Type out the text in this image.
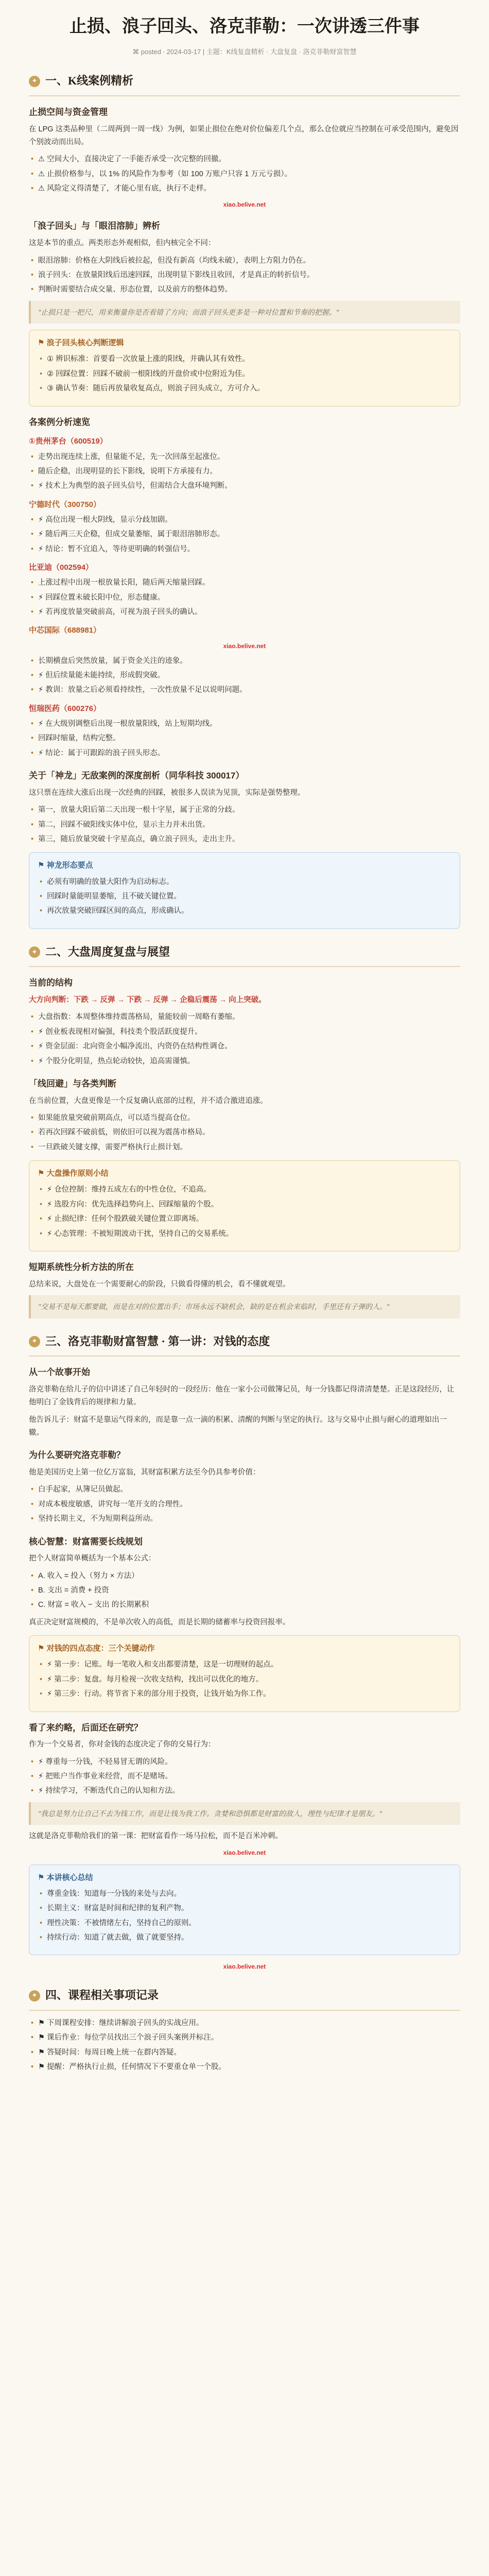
止损、浪子回头、洛克菲勒：一次讲透三件事
⌘ posted ∙ 2024-03-17 | 主题：K线复盘精析 · 大盘复盘 · 洛克菲勒财富智慧
✦ 一、K线案例精析
止损空间与资金管理

在 LPG 这类品种里（二周两到一周一线）为例，如果止损位在绝对价位偏差几个点，那么仓位就应当控制在可承受范围内，避免因个别波动而出局。

• ⚠ 空间大小，直接决定了一手能否承受一次完整的回撤。
• ⚠ 止损价格参与，以 1% 的风险作为参考（如 100 万账户只容 1 万元亏损）。
• ⚠ 风险定义得清楚了，才能心里有底，执行不走样。
xiao.belive.net
「浪子回头」与「眼泪溶肺」辨析

这是本节的重点。两类形态外观相似，但内核完全不同：

• 眼泪溶肺：价格在大阴线后被拉起，但没有新高（均线未破），表明上方阻力仍在。
• 浪子回头：在放量阳线后迅速回踩，出现明显下影线且收回，才是真正的转折信号。
• 判断时需要结合成交量、形态位置，以及前方的整体趋势。
"止损只是一把尺，用来衡量你是否看错了方向；而浪子回头更多是一种对位置和节奏的把握。"
⚑ 浪子回头核心判断逻辑
• ① 辨识标准：首要看一次放量上涨的阳线，并确认其有效性。
• ② 回踩位置：回踩不破前一根阳线的开盘价或中位附近为佳。
• ③ 确认节奏：随后再放量收复高点，则浪子回头成立，方可介入。
各案例分析速览
①贵州茅台（600519）
• 走势出现连续上涨，但量能不足，先一次回落至起涨位。
• 随后企稳，出现明显的长下影线，说明下方承接有力。
• ⚡ 技术上为典型的浪子回头信号，但需结合大盘环境判断。
宁德时代（300750）
• ⚡ 高位出现一根大阴线，显示分歧加剧。
• ⚡ 随后两三天企稳，但成交量萎缩，属于眼泪溶肺形态。
• ⚡ 结论：暂不宜追入，等待更明确的转强信号。
比亚迪（002594）
• 上涨过程中出现一根放量长阳，随后两天缩量回踩。
• ⚡ 回踩位置未破长阳中位，形态健康。
• ⚡ 若再度放量突破前高，可视为浪子回头的确认。
中芯国际（688981）
xiao.belive.net
• 长期横盘后突然放量，属于资金关注的迹象。
• ⚡ 但后续量能未能持续，形成假突破。
• ⚡ 教训：放量之后必须看持续性，一次性放量不足以说明问题。
恒瑞医药（600276）
• ⚡ 在大级别调整后出现一根放量阳线，站上短期均线。
• 回踩时缩量，结构完整。
• ⚡ 结论：属于可跟踪的浪子回头形态。
关于「神龙」无敌案例的深度剖析（同华科技 300017）

这只票在连续大涨后出现一次经典的回踩，被很多人误读为见顶，实际是强势整理。

• 第一，放量大阳后第二天出现一根十字星，属于正常的分歧。
• 第二，回踩不破阳线实体中位，显示主力并未出货。
• 第三，随后放量突破十字星高点，确立浪子回头，走出主升。
⚑ 神龙形态要点
• 必须有明确的放量大阳作为启动标志。
• 回踩时量能明显萎缩，且不破关键位置。
• 再次放量突破回踩区间的高点，形成确认。
✦ 二、大盘周度复盘与展望
当前的结构

大方向判断：下跌 → 反弹 → 下跌 → 反弹 → 企稳后震荡 → 向上突破。

• 大盘指数：本周整体维持震荡格局，量能较前一周略有萎缩。
• ⚡ 创业板表现相对偏强，科技类个股活跃度提升。
• ⚡ 资金层面：北向资金小幅净流出，内资仍在结构性调仓。
• ⚡ 个股分化明显，热点轮动较快，追高需谨慎。
「线回避」与各类判断

在当前位置，大盘更像是一个反复确认底部的过程，并不适合激进追涨。

• 如果能放量突破前期高点，可以适当提高仓位。
• 若再次回踩不破前低，则依旧可以视为震荡市格局。
• 一旦跌破关键支撑，需要严格执行止损计划。
⚑ 大盘操作原则小结
• ⚡ 仓位控制：维持五成左右的中性仓位，不追高。
• ⚡ 选股方向：优先选择趋势向上、回踩缩量的个股。
• ⚡ 止损纪律：任何个股跌破关键位置立即离场。
• ⚡ 心态管理：不被短期波动干扰，坚持自己的交易系统。
短期系统性分析方法的所在

总结来说，大盘处在一个需要耐心的阶段，只做看得懂的机会，看不懂就观望。

"交易不是每天都要做，而是在对的位置出手；市场永远不缺机会，缺的是在机会来临时，手里还有子弹的人。"
✦ 三、洛克菲勒财富智慧 · 第一讲：对钱的态度
从一个故事开始

洛克菲勒在给儿子的信中讲述了自己年轻时的一段经历：他在一家小公司做簿记员，每一分钱都记得清清楚楚。正是这段经历，让他明白了金钱背后的规律和力量。

他告诉儿子：财富不是靠运气得来的，而是靠一点一滴的积累、清醒的判断与坚定的执行。这与交易中止损与耐心的道理如出一辙。

为什么要研究洛克菲勒？

他是美国历史上第一位亿万富翁，其财富积累方法至今仍具参考价值：

• 白手起家，从簿记员做起。
• 对成本极度敏感，讲究每一笔开支的合理性。
• 坚持长期主义，不为短期利益所动。
核心智慧：财富需要长线规划

把个人财富简单概括为一个基本公式：

• A. 收入 = 投入（努力 × 方法）
• B. 支出 = 消费 + 投资
• C. 财富 = 收入 − 支出 的长期累积

真正决定财富规模的，不是单次收入的高低，而是长期的储蓄率与投资回报率。

⚑ 对钱的四点态度：三个关键动作
• ⚡ 第一步：记账。每一笔收入和支出都要清楚，这是一切理财的起点。
• ⚡ 第二步：复盘。每月检视一次收支结构，找出可以优化的地方。
• ⚡ 第三步：行动。将节省下来的部分用于投资，让钱开始为你工作。
看了来约略，后面还在研究？

作为一个交易者，你对金钱的态度决定了你的交易行为：

• ⚡ 尊重每一分钱，不轻易冒无谓的风险。
• ⚡ 把账户当作事业来经营，而不是赌场。
• ⚡ 持续学习，不断迭代自己的认知和方法。
"我总是努力让自己不去为钱工作，而是让钱为我工作。贪婪和恐惧都是财富的敌人，理性与纪律才是朋友。"

这就是洛克菲勒给我们的第一课：把财富看作一场马拉松，而不是百米冲刺。

xiao.belive.net
⚑ 本讲核心总结
• 尊重金钱：知道每一分钱的来处与去向。
• 长期主义：财富是时间和纪律的复利产物。
• 理性决策：不被情绪左右，坚持自己的原则。
• 持续行动：知道了就去做，做了就要坚持。
xiao.belive.net
✦ 四、课程相关事项记录
• ⚑ 下周课程安排：继续讲解浪子回头的实战应用。
• ⚑ 课后作业：每位学员找出三个浪子回头案例并标注。
• ⚑ 答疑时间：每周日晚上统一在群内答疑。
• ⚑ 提醒：严格执行止损，任何情况下不要重仓单一个股。
